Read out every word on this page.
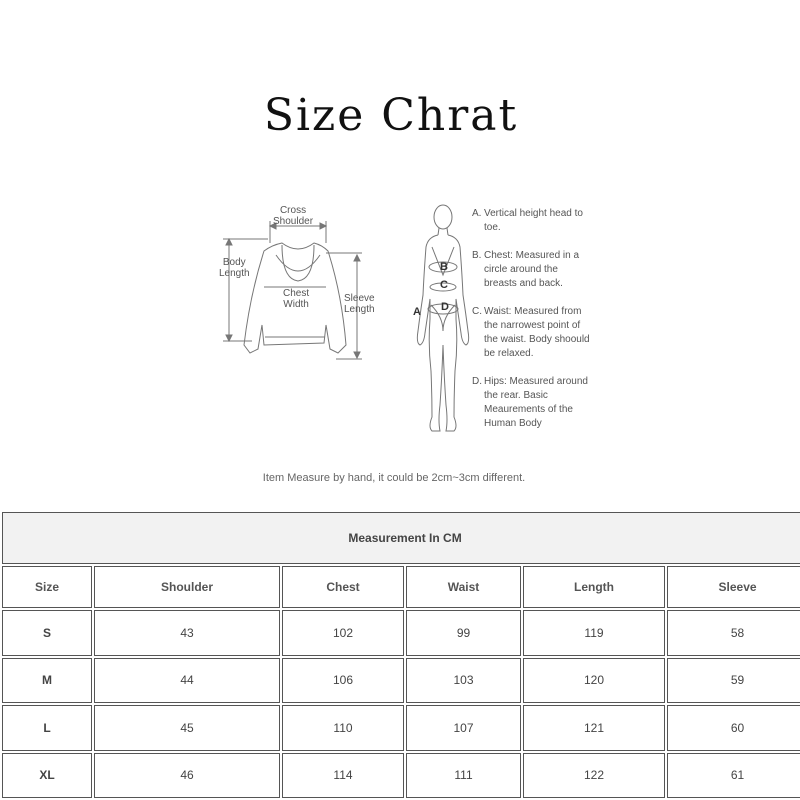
Size Chrat
Cross
Shoulder
Body
Length
Chest
Width
Sleeve
Length
B
C
D
A
A. Vertical height head to toe.
B. Chest: Measured in a circle around the breasts and back.
C. Waist: Measured from the narrowest point of the waist. Body shoould be relaxed.
D. Hips: Measured around the rear. Basic Meaurements of the Human Body
Item Measure by hand, it could be 2cm~3cm different.
Measurement In CM					
Size	Shoulder	Chest	Waist	Length	Sleeve
S	43	102	99	119	58
M	44	106	103	120	59
L	45	110	107	121	60
XL	46	114	111	122	61
